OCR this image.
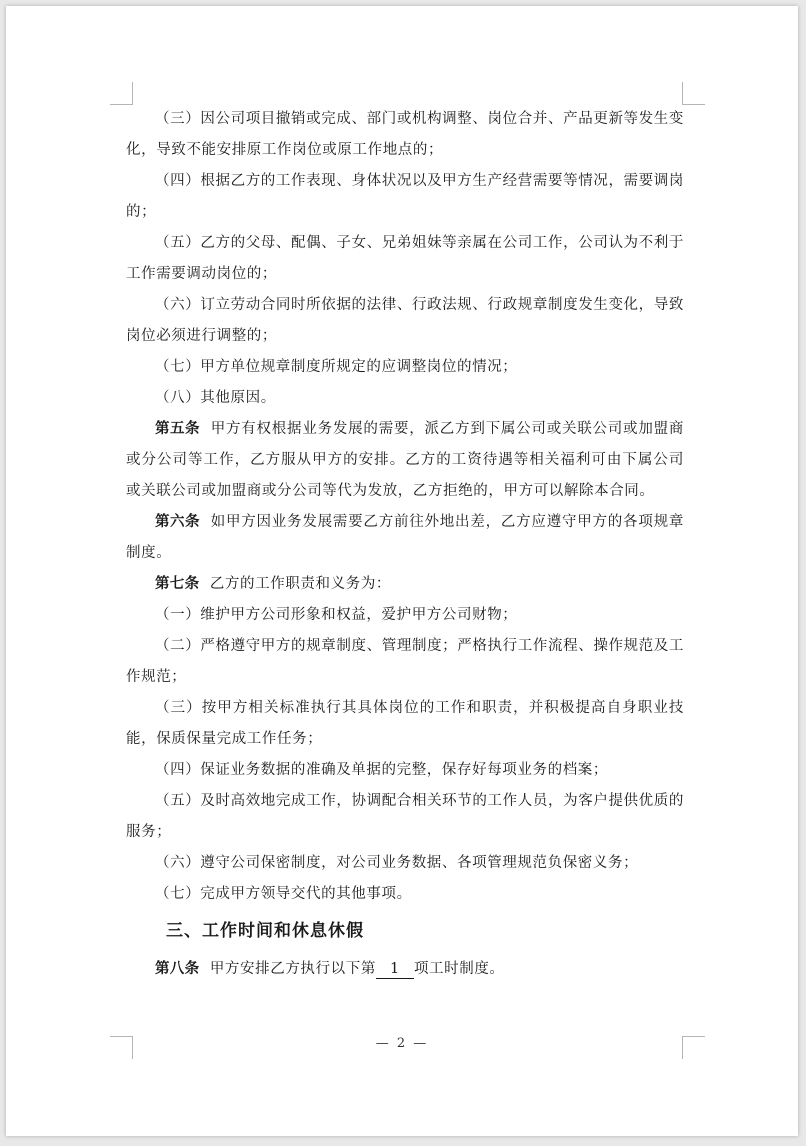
（三）因公司项目撤销或完成、部门或机构调整、岗位合并、产品更新等发生变化，导致不能安排原工作岗位或原工作地点的；

（四）根据乙方的工作表现、身体状况以及甲方生产经营需要等情况，需要调岗的；

（五）乙方的父母、配偶、子女、兄弟姐妹等亲属在公司工作，公司认为不利于工作需要调动岗位的；

（六）订立劳动合同时所依据的法律、行政法规、行政规章制度发生变化，导致岗位必须进行调整的；

（七）甲方单位规章制度所规定的应调整岗位的情况；

（八）其他原因。

第五条 甲方有权根据业务发展的需要，派乙方到下属公司或关联公司或加盟商或分公司等工作，乙方服从甲方的安排。乙方的工资待遇等相关福利可由下属公司或关联公司或加盟商或分公司等代为发放，乙方拒绝的，甲方可以解除本合同。

第六条 如甲方因业务发展需要乙方前往外地出差，乙方应遵守甲方的各项规章制度。

第七条 乙方的工作职责和义务为：

（一）维护甲方公司形象和权益，爱护甲方公司财物；

（二）严格遵守甲方的规章制度、管理制度；严格执行工作流程、操作规范及工作规范；

（三）按甲方相关标准执行其具体岗位的工作和职责，并积极提高自身职业技能，保质保量完成工作任务；

（四）保证业务数据的准确及单据的完整，保存好每项业务的档案；

（五）及时高效地完成工作，协调配合相关环节的工作人员，为客户提供优质的服务；

（六）遵守公司保密制度，对公司业务数据、各项管理规范负保密义务；

（七）完成甲方领导交代的其他事项。

三、工作时间和休息休假

第八条 甲方安排乙方执行以下第 1 项工时制度。

— 2 —
